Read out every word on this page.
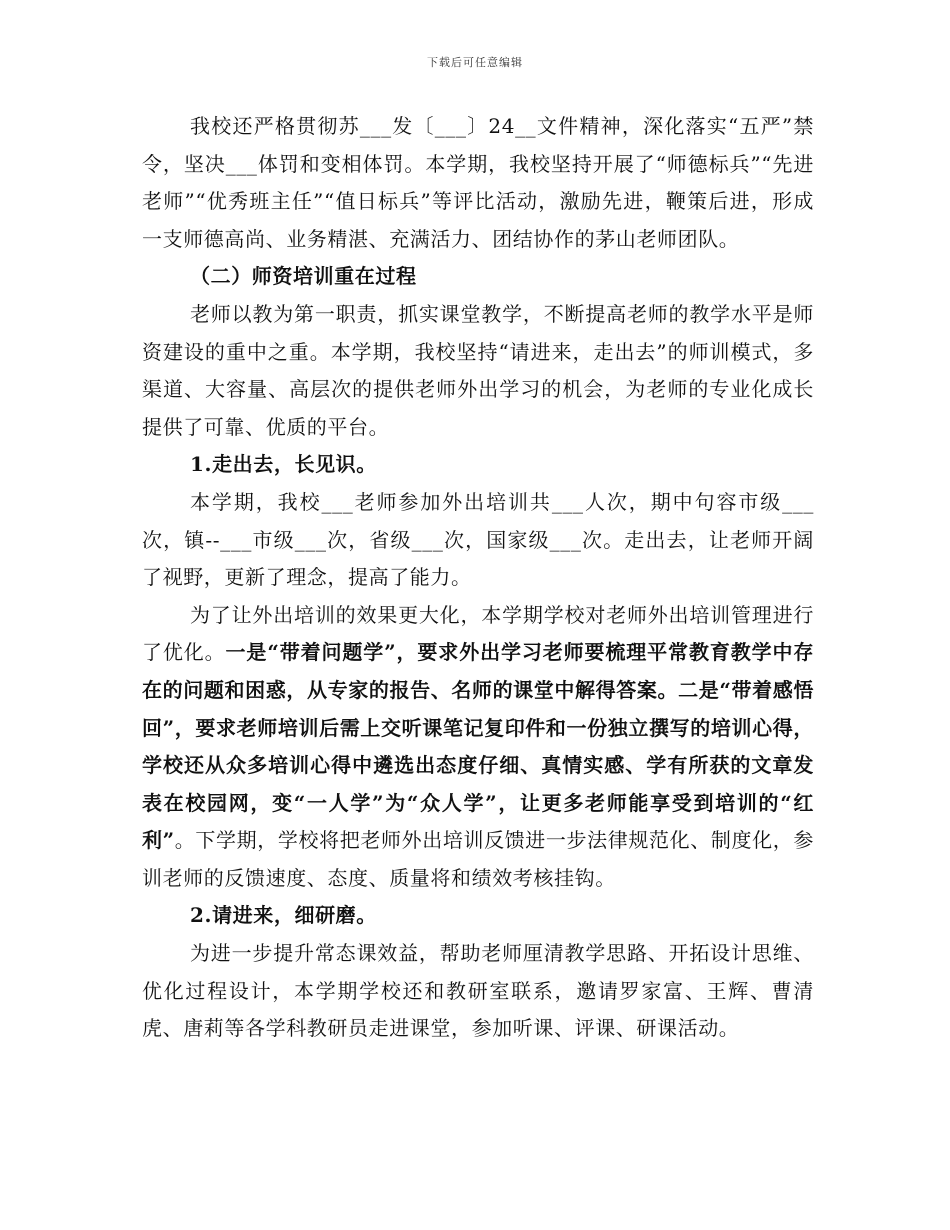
下载后可任意编辑

我校还严格贯彻苏___发〔___〕24__文件精神，深化落实“五严”禁令，坚决___体罚和变相体罚。本学期，我校坚持开展了“师德标兵”“先进老师”“优秀班主任”“值日标兵”等评比活动，激励先进，鞭策后进，形成一支师德高尚、业务精湛、充满活力、团结协作的茅山老师团队。

（二）师资培训重在过程

老师以教为第一职责，抓实课堂教学，不断提高老师的教学水平是师资建设的重中之重。本学期，我校坚持“请进来，走出去”的师训模式，多渠道、大容量、高层次的提供老师外出学习的机会，为老师的专业化成长提供了可靠、优质的平台。

1.走出去，长见识。

本学期，我校___老师参加外出培训共___人次，期中句容市级___次，镇--___市级___次，省级___次，国家级___次。走出去，让老师开阔了视野，更新了理念，提高了能力。

为了让外出培训的效果更大化，本学期学校对老师外出培训管理进行了优化。一是“带着问题学”，要求外出学习老师要梳理平常教育教学中存在的问题和困惑，从专家的报告、名师的课堂中解得答案。二是“带着感悟回”，要求老师培训后需上交听课笔记复印件和一份独立撰写的培训心得，学校还从众多培训心得中遴选出态度仔细、真情实感、学有所获的文章发表在校园网，变“一人学”为“众人学”，让更多老师能享受到培训的“红利”。下学期，学校将把老师外出培训反馈进一步法律规范化、制度化，参训老师的反馈速度、态度、质量将和绩效考核挂钩。

2.请进来，细研磨。

为进一步提升常态课效益，帮助老师厘清教学思路、开拓设计思维、优化过程设计，本学期学校还和教研室联系，邀请罗家富、王辉、曹清虎、唐莉等各学科教研员走进课堂，参加听课、评课、研课活动。
